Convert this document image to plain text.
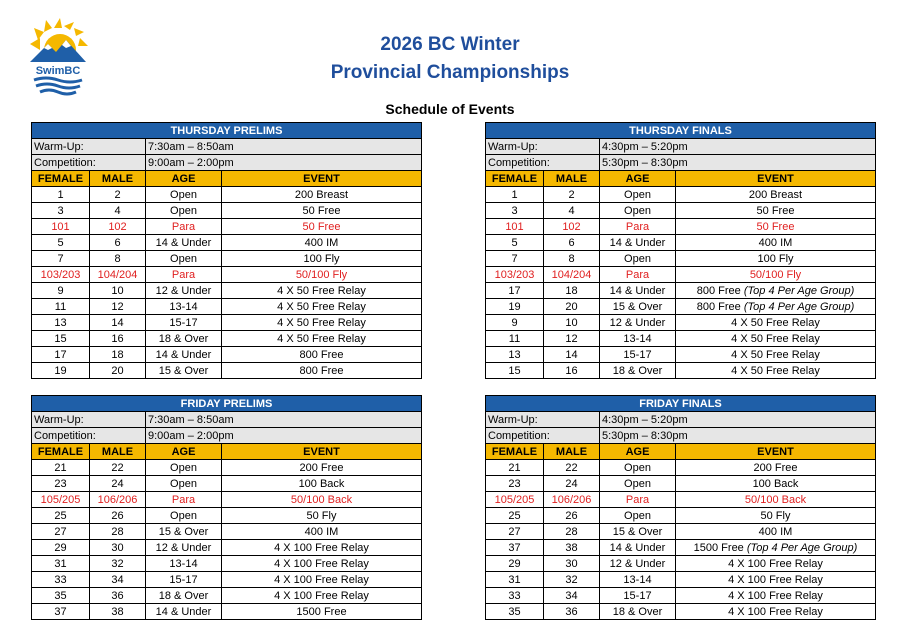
SwimBC
2026 BC Winter
Provincial Championships
Schedule of Events
THURSDAY PRELIMS			
Warm-Up:		7:30am – 8:50am	
Competition:		9:00am – 2:00pm	
FEMALE	MALE	AGE	EVENT
1	2	Open	200 Breast
3	4	Open	50 Free
101	102	Para	50 Free
5	6	14 & Under	400 IM
7	8	Open	100 Fly
103/203	104/204	Para	50/100 Fly
9	10	12 & Under	4 X 50 Free Relay
11	12	13-14	4 X 50 Free Relay
13	14	15-17	4 X 50 Free Relay
15	16	18 & Over	4 X 50 Free Relay
17	18	14 & Under	800 Free
19	20	15 & Over	800 Free
THURSDAY FINALS			
Warm-Up:		4:30pm – 5:20pm	
Competition:		5:30pm – 8:30pm	
FEMALE	MALE	AGE	EVENT
1	2	Open	200 Breast
3	4	Open	50 Free
101	102	Para	50 Free
5	6	14 & Under	400 IM
7	8	Open	100 Fly
103/203	104/204	Para	50/100 Fly
17	18	14 & Under	800 Free (Top 4 Per Age Group)
19	20	15 & Over	800 Free (Top 4 Per Age Group)
9	10	12 & Under	4 X 50 Free Relay
11	12	13-14	4 X 50 Free Relay
13	14	15-17	4 X 50 Free Relay
15	16	18 & Over	4 X 50 Free Relay
FRIDAY PRELIMS			
Warm-Up:		7:30am – 8:50am	
Competition:		9:00am – 2:00pm	
FEMALE	MALE	AGE	EVENT
21	22	Open	200 Free
23	24	Open	100 Back
105/205	106/206	Para	50/100 Back
25	26	Open	50 Fly
27	28	15 & Over	400 IM
29	30	12 & Under	4 X 100 Free Relay
31	32	13-14	4 X 100 Free Relay
33	34	15-17	4 X 100 Free Relay
35	36	18 & Over	4 X 100 Free Relay
37	38	14 & Under	1500 Free
FRIDAY FINALS			
Warm-Up:		4:30pm – 5:20pm	
Competition:		5:30pm – 8:30pm	
FEMALE	MALE	AGE	EVENT
21	22	Open	200 Free
23	24	Open	100 Back
105/205	106/206	Para	50/100 Back
25	26	Open	50 Fly
27	28	15 & Over	400 IM
37	38	14 & Under	1500 Free (Top 4 Per Age Group)
29	30	12 & Under	4 X 100 Free Relay
31	32	13-14	4 X 100 Free Relay
33	34	15-17	4 X 100 Free Relay
35	36	18 & Over	4 X 100 Free Relay
